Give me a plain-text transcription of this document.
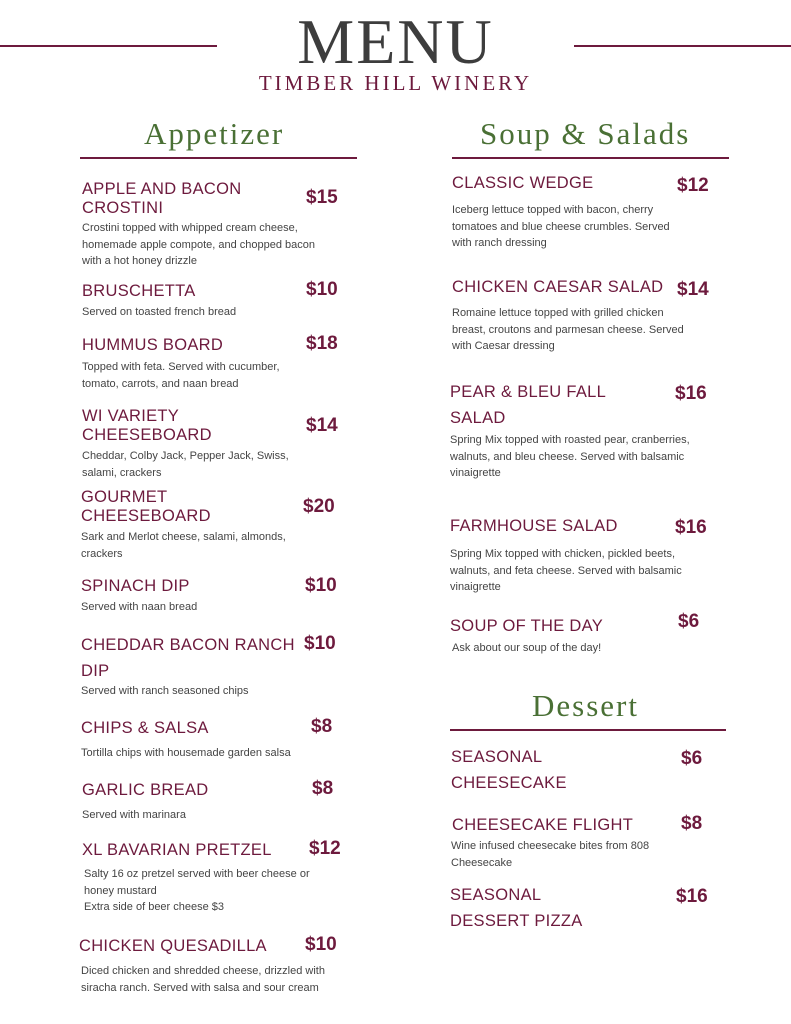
MENU
TIMBER HILL WINERY
Appetizer
APPLE AND BACON CROSTINI	$15

Crostini topped with whipped cream cheese, homemade apple compote, and chopped bacon with a hot honey drizzle

BRUSCHETTA	$10

Served on toasted french bread

HUMMUS BOARD	$18

Topped with feta. Served with cucumber, tomato, carrots, and naan bread

WI VARIETY CHEESEBOARD	$14

Cheddar, Colby Jack, Pepper Jack, Swiss, salami, crackers

GOURMET CHEESEBOARD	$20

Sark and Merlot cheese, salami, almonds, crackers

SPINACH DIP	$10

Served with naan bread

CHEDDAR BACON RANCH DIP
$10

Served with ranch seasoned chips

CHIPS & SALSA	$8

Tortilla chips with housemade garden salsa

GARLIC BREAD	$8

Served with marinara

XL BAVARIAN PRETZEL	$12

Salty 16 oz pretzel served with beer cheese or honey mustard

Extra side of beer cheese $3

CHICKEN QUESADILLA	$10

Diced chicken and shredded cheese, drizzled with siracha ranch. Served with salsa and sour cream

Soup & Salads
CLASSIC WEDGE	$12

Iceberg lettuce topped with bacon, cherry tomatoes and blue cheese crumbles. Served with ranch dressing

CHICKEN CAESAR SALAD $14

Romaine lettuce topped with grilled chicken breast, croutons and parmesan cheese. Served with Caesar dressing

PEAR & BLEU FALL SALAD
$16

Spring Mix topped with roasted pear, cranberries, walnuts, and bleu cheese. Served with balsamic vinaigrette

FARMHOUSE SALAD	$16

Spring Mix topped with chicken, pickled beets, walnuts, and feta cheese. Served with balsamic vinaigrette

SOUP OF THE DAY	$6

Ask about our soup of the day!

Dessert
SEASONAL CHEESECAKE
$6
CHEESECAKE FLIGHT	$8

Wine infused cheesecake bites from 808 Cheesecake

SEASONAL DESSERT PIZZA
$16
